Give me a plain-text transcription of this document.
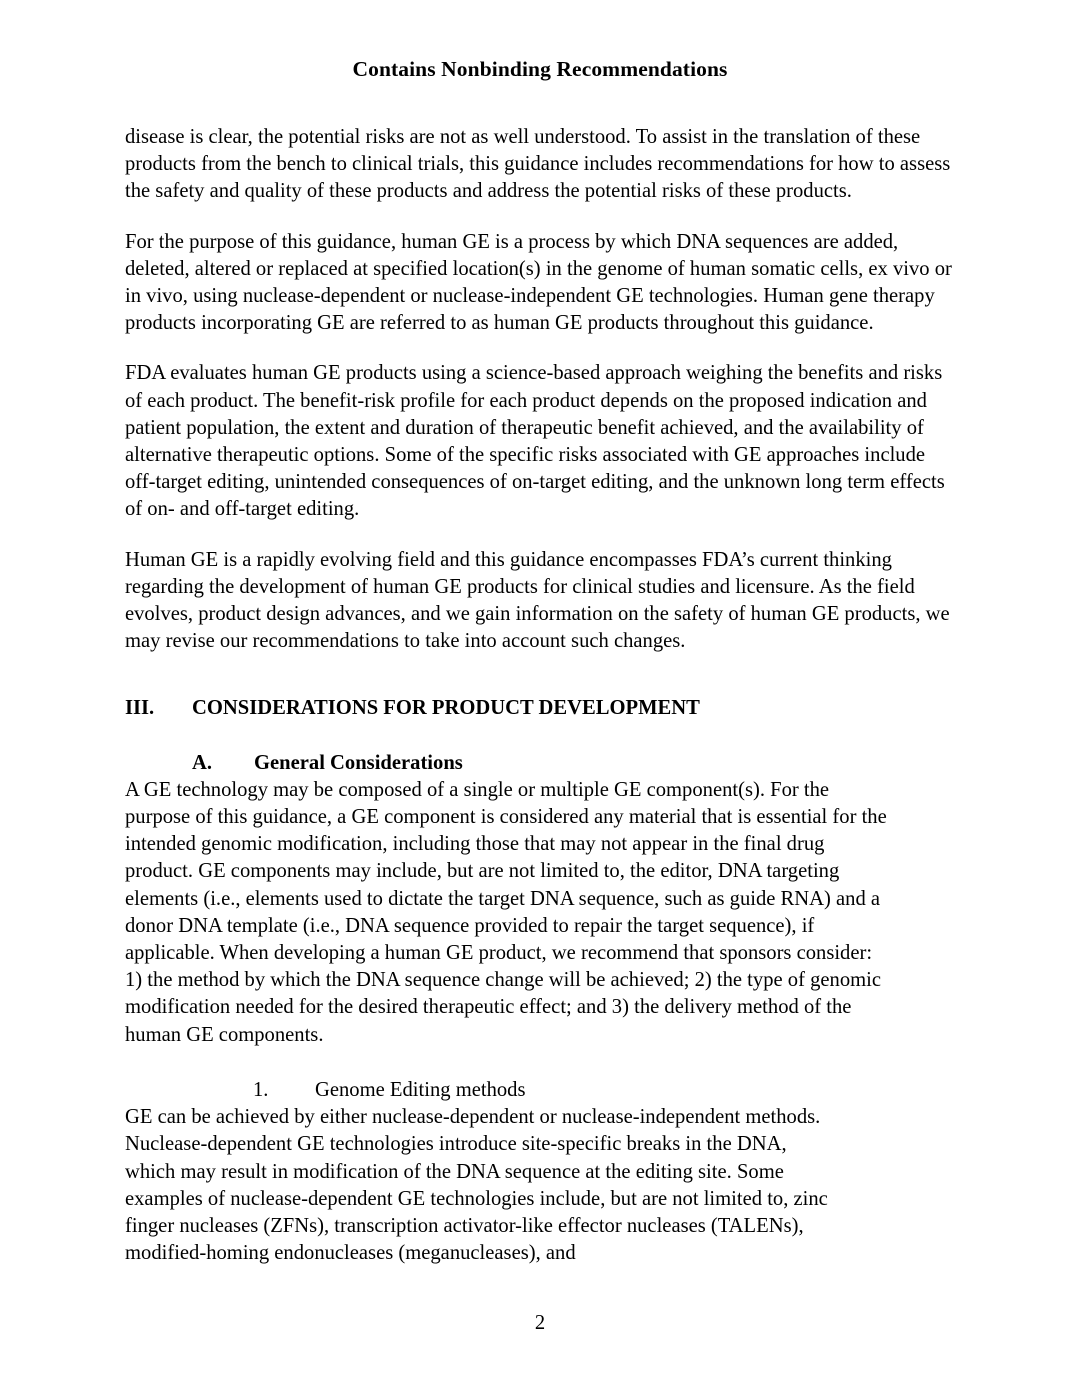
Contains Nonbinding Recommendations

disease is clear, the potential risks are not as well understood. To assist in the translation of these products from the bench to clinical trials, this guidance includes recommendations for how to assess the safety and quality of these products and address the potential risks of these products.

For the purpose of this guidance, human GE is a process by which DNA sequences are added, deleted, altered or replaced at specified location(s) in the genome of human somatic cells, ex vivo or in vivo, using nuclease-dependent or nuclease-independent GE technologies. Human gene therapy products incorporating GE are referred to as human GE products throughout this guidance.

FDA evaluates human GE products using a science-based approach weighing the benefits and risks of each product. The benefit-risk profile for each product depends on the proposed indication and patient population, the extent and duration of therapeutic benefit achieved, and the availability of alternative therapeutic options. Some of the specific risks associated with GE approaches include off-target editing, unintended consequences of on-target editing, and the unknown long term effects of on- and off-target editing.

Human GE is a rapidly evolving field and this guidance encompasses FDA’s current thinking regarding the development of human GE products for clinical studies and licensure. As the field evolves, product design advances, and we gain information on the safety of human GE products, we may revise our recommendations to take into account such changes.

III.	CONSIDERATIONS FOR PRODUCT DEVELOPMENT
A.	General Considerations

A GE technology may be composed of a single or multiple GE component(s). For the purpose of this guidance, a GE component is considered any material that is essential for the intended genomic modification, including those that may not appear in the final drug product. GE components may include, but are not limited to, the editor, DNA targeting elements (i.e., elements used to dictate the target DNA sequence, such as guide RNA) and a donor DNA template (i.e., DNA sequence provided to repair the target sequence), if applicable. When developing a human GE product, we recommend that sponsors consider: 1) the method by which the DNA sequence change will be achieved; 2) the type of genomic modification needed for the desired therapeutic effect; and 3) the delivery method of the human GE components.

1.	Genome Editing methods

GE can be achieved by either nuclease-dependent or nuclease-independent methods. Nuclease-dependent GE technologies introduce site-specific breaks in the DNA, which may result in modification of the DNA sequence at the editing site. Some examples of nuclease-dependent GE technologies include, but are not limited to, zinc finger nucleases (ZFNs), transcription activator-like effector nucleases (TALENs), modified-homing endonucleases (meganucleases), and

2
